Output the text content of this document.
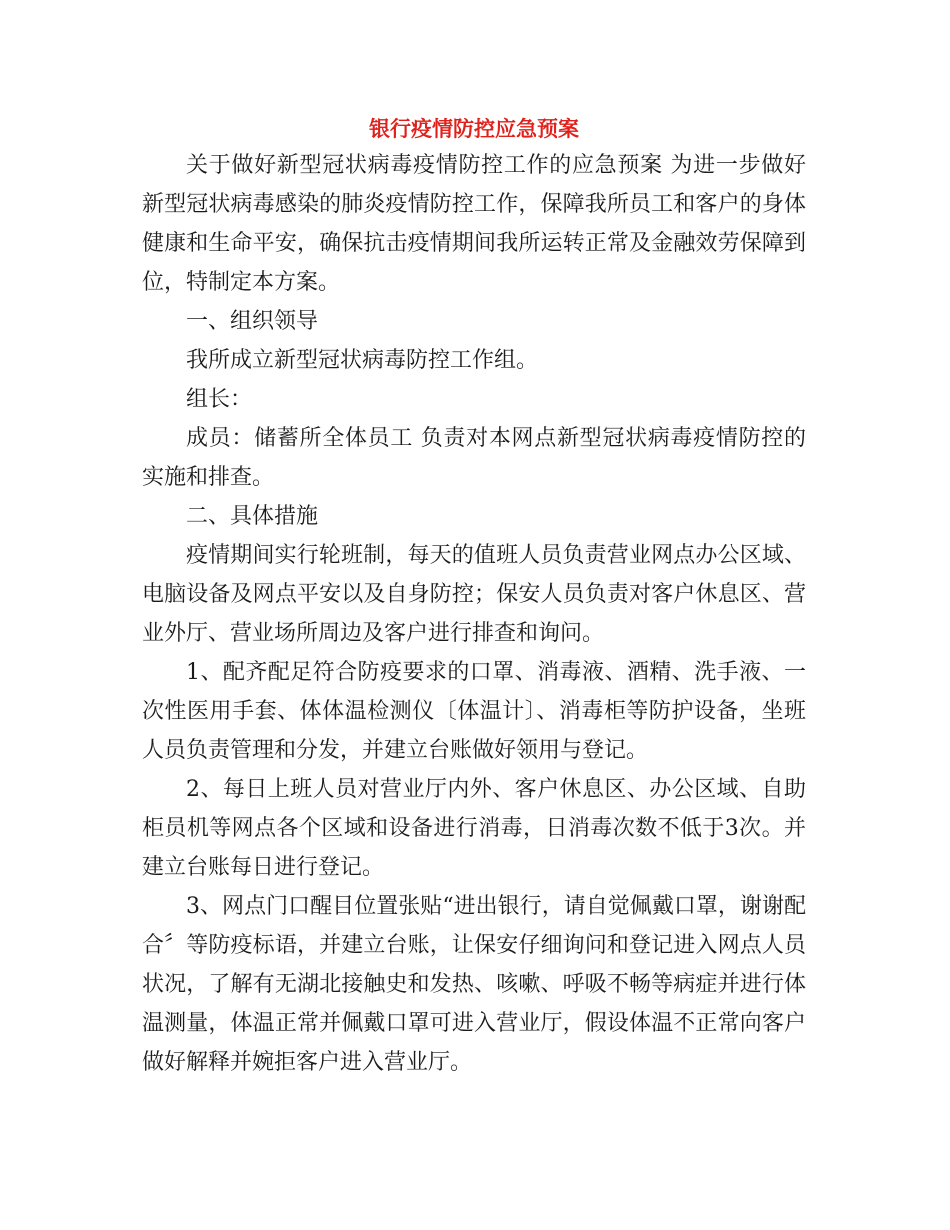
银行疫情防控应急预案

关于做好新型冠状病毒疫情防控工作的应急预案 为进一步做好新型冠状病毒感染的肺炎疫情防控工作，保障我所员工和客户的身体健康和生命平安，确保抗击疫情期间我所运转正常及金融效劳保障到位，特制定本方案。

一、组织领导

我所成立新型冠状病毒防控工作组。

组长：

成员：储蓄所全体员工 负责对本网点新型冠状病毒疫情防控的实施和排查。

二、具体措施

疫情期间实行轮班制，每天的值班人员负责营业网点办公区域、电脑设备及网点平安以及自身防控；保安人员负责对客户休息区、营业外厅、营业场所周边及客户进行排查和询问。

1、配齐配足符合防疫要求的口罩、消毒液、酒精、洗手液、一次性医用手套、体体温检测仪〔体温计〕、消毒柜等防护设备，坐班人员负责管理和分发，并建立台账做好领用与登记。

2、每日上班人员对营业厅内外、客户休息区、办公区域、自助柜员机等网点各个区域和设备进行消毒，日消毒次数不低于3次。并建立台账每日进行登记。

3、网点门口醒目位置张贴“进出银行，请自觉佩戴口罩，谢谢配合〞等防疫标语，并建立台账，让保安仔细询问和登记进入网点人员状况，了解有无湖北接触史和发热、咳嗽、呼吸不畅等病症并进行体温测量，体温正常并佩戴口罩可进入营业厅，假设体温不正常向客户做好解释并婉拒客户进入营业厅。
